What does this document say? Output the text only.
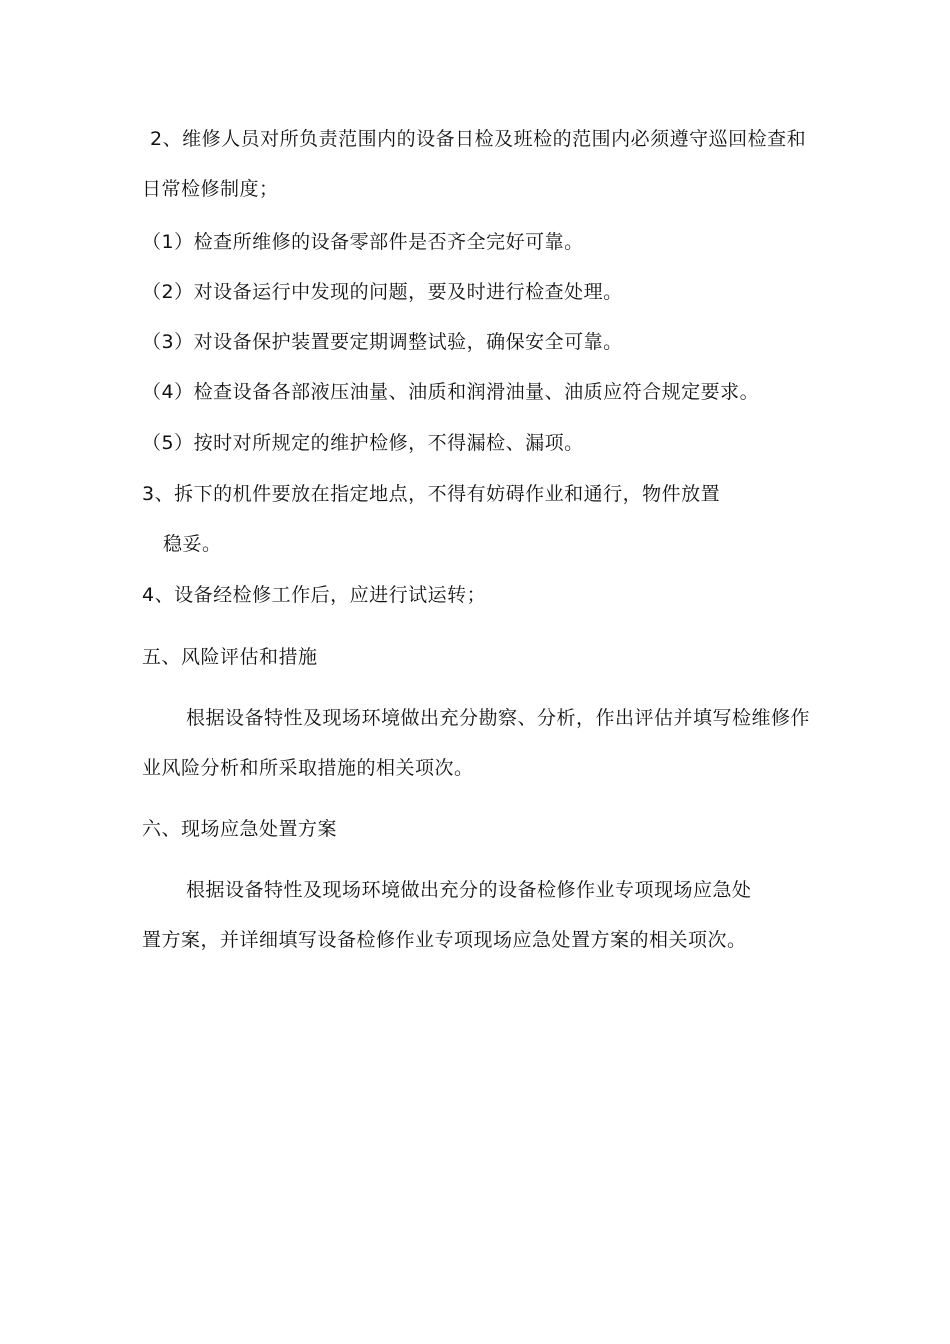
2、维修人员对所负责范围内的设备日检及班检的范围内必须遵守巡回检查和
日常检修制度；
（1）检查所维修的设备零部件是否齐全完好可靠。
（2）对设备运行中发现的问题，要及时进行检查处理。
（3）对设备保护装置要定期调整试验，确保安全可靠。
（4）检查设备各部液压油量、油质和润滑油量、油质应符合规定要求。
（5）按时对所规定的维护检修，不得漏检、漏项。
3、拆下的机件要放在指定地点，不得有妨碍作业和通行，物件放置
稳妥。
4、设备经检修工作后，应进行试运转；
五、风险评估和措施
根据设备特性及现场环境做出充分勘察、分析，作出评估并填写检维修作
业风险分析和所采取措施的相关项次。
六、现场应急处置方案
根据设备特性及现场环境做出充分的设备检修作业专项现场应急处
置方案，并详细填写设备检修作业专项现场应急处置方案的相关项次。
